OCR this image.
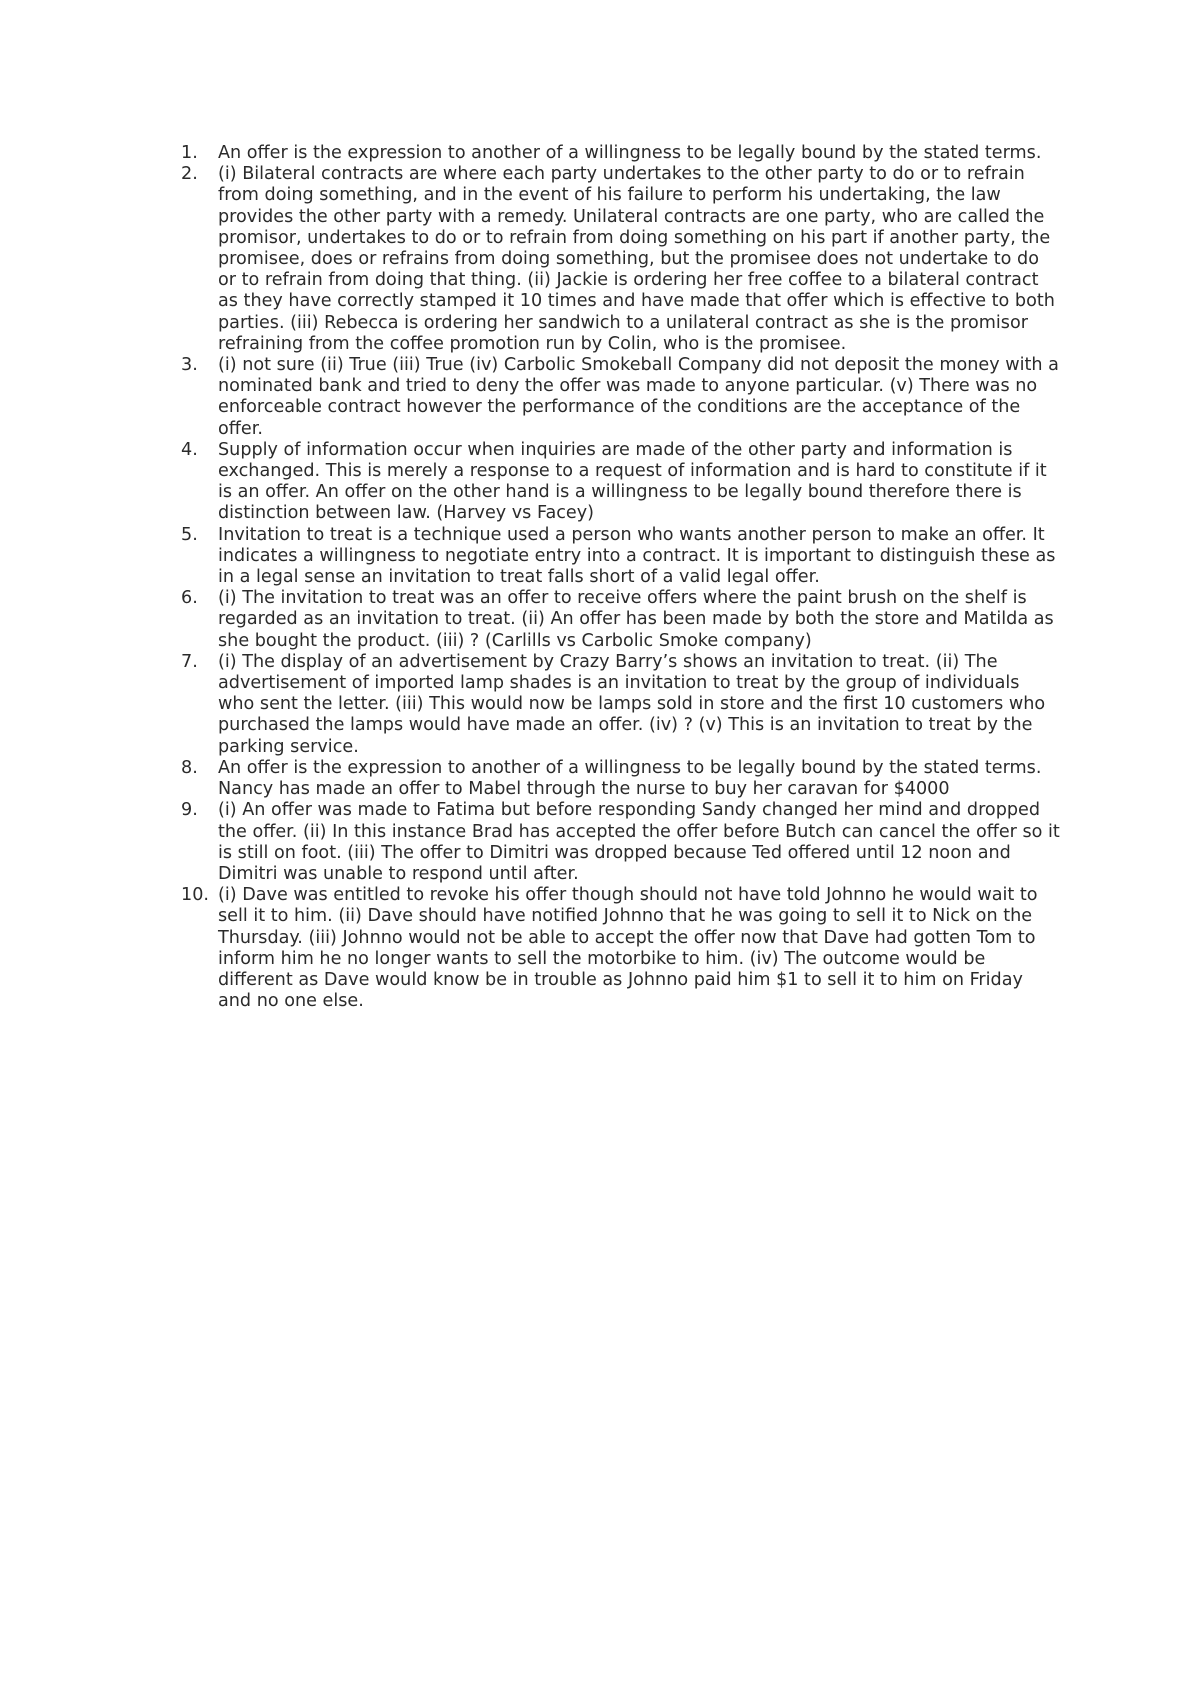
1.	An offer is the expression to another of a willingness to be legally bound by the stated terms.
2.	(i) Bilateral contracts are where each party undertakes to the other party to do or to refrain from doing something, and in the event of his failure to perform his undertaking, the law provides the other party with a remedy. Unilateral contracts are one party, who are called the promisor, undertakes to do or to refrain from doing something on his part if another party, the promisee, does or refrains from doing something, but the promisee does not undertake to do or to refrain from doing that thing. (ii) Jackie is ordering her free coffee to a bilateral contract as they have correctly stamped it 10 times and have made that offer which is effective to both parties. (iii) Rebecca is ordering her sandwich to a unilateral contract as she is the promisor refraining from the coffee promotion run by Colin, who is the promisee.
3.	(i) not sure (ii) True (iii) True (iv) Carbolic Smokeball Company did not deposit the money with a nominated bank and tried to deny the offer was made to anyone particular. (v) There was no enforceable contract however the performance of the conditions are the acceptance of the offer.
4.	Supply of information occur when inquiries are made of the other party and information is exchanged. This is merely a response to a request of information and is hard to constitute if it is an offer. An offer on the other hand is a willingness to be legally bound therefore there is distinction between law. (Harvey vs Facey)
5.	Invitation to treat is a technique used a person who wants another person to make an offer. It indicates a willingness to negotiate entry into a contract. It is important to distinguish these as in a legal sense an invitation to treat falls short of a valid legal offer.
6.	(i) The invitation to treat was an offer to receive offers where the paint brush on the shelf is regarded as an invitation to treat. (ii) An offer has been made by both the store and Matilda as she bought the product. (iii) ? (Carlills vs Carbolic Smoke company)
7.	(i) The display of an advertisement by Crazy Barry’s shows an invitation to treat. (ii) The advertisement of imported lamp shades is an invitation to treat by the group of individuals who sent the letter. (iii) This would now be lamps sold in store and the first 10 customers who purchased the lamps would have made an offer. (iv) ? (v) This is an invitation to treat by the parking service.
8.	An offer is the expression to another of a willingness to be legally bound by the stated terms. Nancy has made an offer to Mabel through the nurse to buy her caravan for $4000
9.	(i) An offer was made to Fatima but before responding Sandy changed her mind and dropped the offer. (ii) In this instance Brad has accepted the offer before Butch can cancel the offer so it is still on foot. (iii) The offer to Dimitri was dropped because Ted offered until 12 noon and Dimitri was unable to respond until after.
10. (i) Dave was entitled to revoke his offer though should not have told Johnno he would wait to sell it to him. (ii) Dave should have notified Johnno that he was going to sell it to Nick on the Thursday. (iii) Johnno would not be able to accept the offer now that Dave had gotten Tom to inform him he no longer wants to sell the motorbike to him. (iv) The outcome would be different as Dave would know be in trouble as Johnno paid him $1 to sell it to him on Friday and no one else.
